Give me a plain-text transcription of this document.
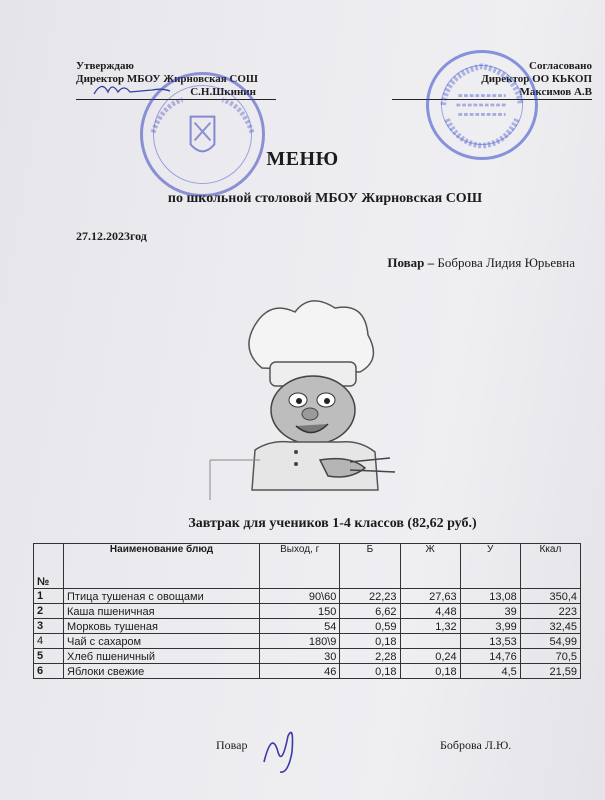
Утверждаю
Директор МБОУ Жирновская СОШ
С.Н.Шкинин
Согласовано
Директор ОО КЬКОП
Максимов А.В
МЕНЮ
по школьной столовой МБОУ Жирновская СОШ
27.12.2023год
Повар – Боброва Лидия Юрьевна
Завтрак для учеников 1-4 классов (82,62 руб.)
№	Наименование блюд	Выход, г	Б	Ж	У	Ккал
1	Птица тушеная с овощами	90\60	22,23	27,63	13,08	350,4
2	Каша пшеничная	150	6,62	4,48	39	223
3	Морковь тушеная	54	0,59	1,32	3,99	32,45
4	Чай с сахаром	180\9	0,18		13,53	54,99
5	Хлеб пшеничный	30	2,28	0,24	14,76	70,5
6	Яблоки свежие	46	0,18	0,18	4,5	21,59
Повар	Боброва Л.Ю.
